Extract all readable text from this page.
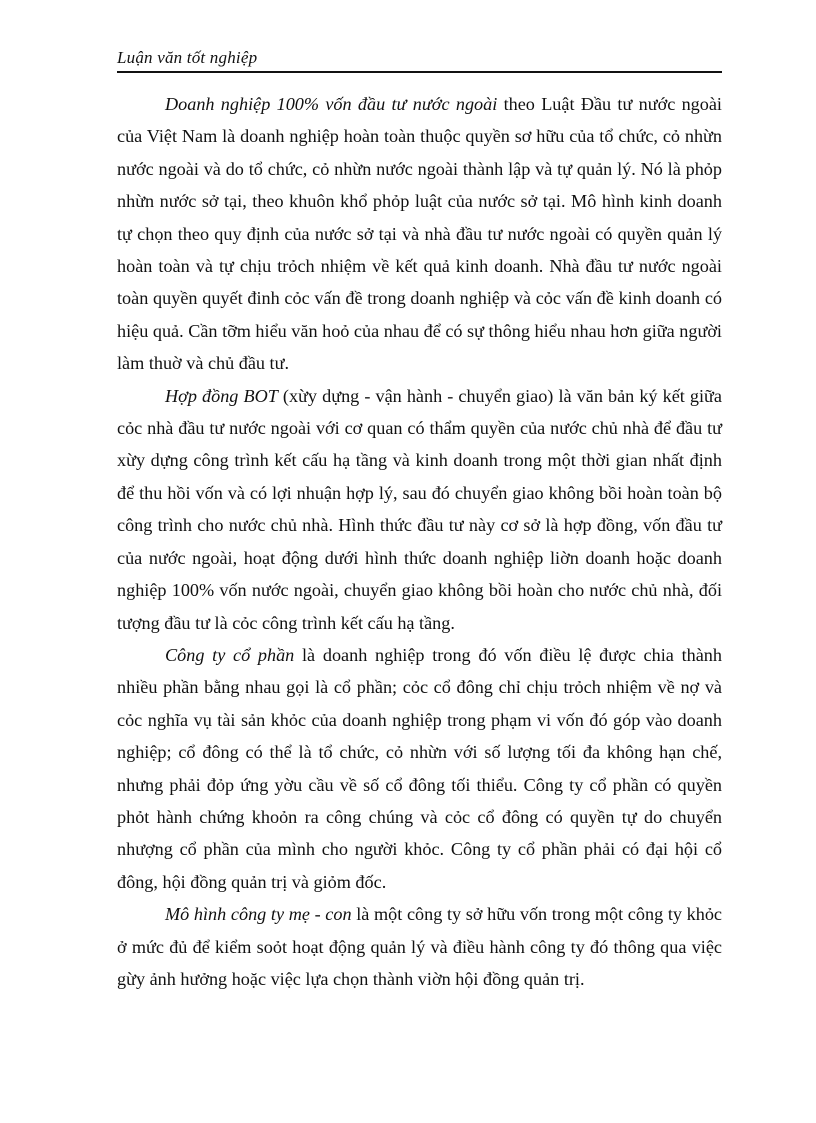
Luận văn tốt nghiệp

Doanh nghiệp 100% vốn đầu tư nước ngoài theo Luật Đầu tư nước ngoài của Việt Nam là doanh nghiệp hoàn toàn thuộc quyền sơ hữu của tổ chức, cỏ nhừn nước ngoài và do tổ chức, cỏ nhừn nước ngoài thành lập và tự quản lý. Nó là phỏp nhừn nước sở tại, theo khuôn khổ phỏp luật của nước sở tại. Mô hình kinh doanh tự chọn theo quy định của nước sở tại và nhà đầu tư nước ngoài có quyền quản lý hoàn toàn và tự chịu trỏch nhiệm về kết quả kinh doanh. Nhà đầu tư nước ngoài toàn quyền quyết đinh cỏc vấn đề trong doanh nghiệp và cỏc vấn đề kinh doanh có hiệu quả. Cần tỡm hiểu văn hoỏ của nhau để có sự thông hiểu nhau hơn giữa người làm thuờ và chủ đầu tư.

Hợp đồng BOT (xừy dựng - vận hành - chuyển giao) là văn bản ký kết giữa cỏc nhà đầu tư nước ngoài với cơ quan có thẩm quyền của nước chủ nhà để đầu tư xừy dựng công trình kết cấu hạ tầng và kinh doanh trong một thời gian nhất định để thu hồi vốn và có lợi nhuận hợp lý, sau đó chuyển giao không bồi hoàn toàn bộ công trình cho nước chủ nhà. Hình thức đầu tư này cơ sở là hợp đồng, vốn đầu tư của nước ngoài, hoạt động dưới hình thức doanh nghiệp liờn doanh hoặc doanh nghiệp 100% vốn nước ngoài, chuyển giao không bồi hoàn cho nước chủ nhà, đối tượng đầu tư là cỏc công trình kết cấu hạ tầng.

Công ty cổ phần là doanh nghiệp trong đó vốn điều lệ được chia thành nhiều phần bằng nhau gọi là cổ phần; cỏc cổ đông chỉ chịu trỏch nhiệm về nợ và cỏc nghĩa vụ tài sản khỏc của doanh nghiệp trong phạm vi vốn đó góp vào doanh nghiệp; cổ đông có thể là tổ chức, cỏ nhừn với số lượng tối đa không hạn chế, nhưng phải đỏp ứng yờu cầu về số cổ đông tối thiểu. Công ty cổ phần có quyền phỏt hành chứng khoỏn ra công chúng và cỏc cổ đông có quyền tự do chuyển nhượng cổ phần của mình cho người khỏc. Công ty cổ phần phải có đại hội cổ đông, hội đồng quản trị và giỏm đốc.

Mô hình công ty mẹ - con là một công ty sở hữu vốn trong một công ty khỏc ở mức đủ để kiểm soỏt hoạt động quản lý và điều hành công ty đó thông qua việc gừy ảnh hưởng hoặc việc lựa chọn thành viờn hội đồng quản trị.
